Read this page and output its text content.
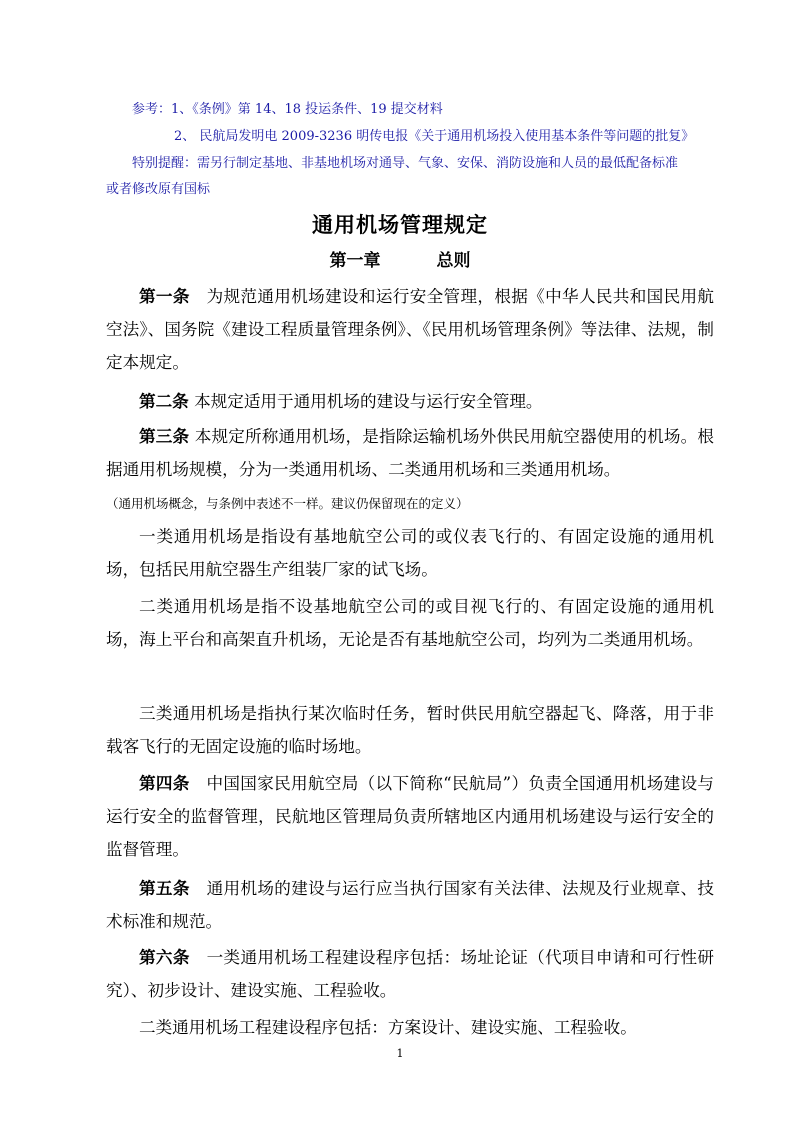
参考：1、《条例》第 14、18 投运条件、19 提交材料
2、 民航局发明电 2009-3236 明传电报《关于通用机场投入使用基本条件等问题的批复》
特别提醒：需另行制定基地、非基地机场对通导、气象、安保、消防设施和人员的最低配备标准
或者修改原有国标
通用机场管理规定
第一章	总则
第一条 为规范通用机场建设和运行安全管理，根据《中华人民共和国民用航空法》、国务院《建设工程质量管理条例》、《民用机场管理条例》等法律、法规，制定本规定。
第二条 本规定适用于通用机场的建设与运行安全管理。
第三条 本规定所称通用机场，是指除运输机场外供民用航空器使用的机场。根据通用机场规模，分为一类通用机场、二类通用机场和三类通用机场。
（通用机场概念，与条例中表述不一样。建议仍保留现在的定义）
一类通用机场是指设有基地航空公司的或仪表飞行的、有固定设施的通用机场，包括民用航空器生产组装厂家的试飞场。
二类通用机场是指不设基地航空公司的或目视飞行的、有固定设施的通用机场，海上平台和高架直升机场，无论是否有基地航空公司，均列为二类通用机场。
三类通用机场是指执行某次临时任务，暂时供民用航空器起飞、降落，用于非载客飞行的无固定设施的临时场地。
第四条 中国国家民用航空局（以下简称“民航局”）负责全国通用机场建设与运行安全的监督管理，民航地区管理局负责所辖地区内通用机场建设与运行安全的监督管理。
第五条 通用机场的建设与运行应当执行国家有关法律、法规及行业规章、技术标准和规范。
第六条 一类通用机场工程建设程序包括：场址论证（代项目申请和可行性研究）、初步设计、建设实施、工程验收。
二类通用机场工程建设程序包括：方案设计、建设实施、工程验收。
1
